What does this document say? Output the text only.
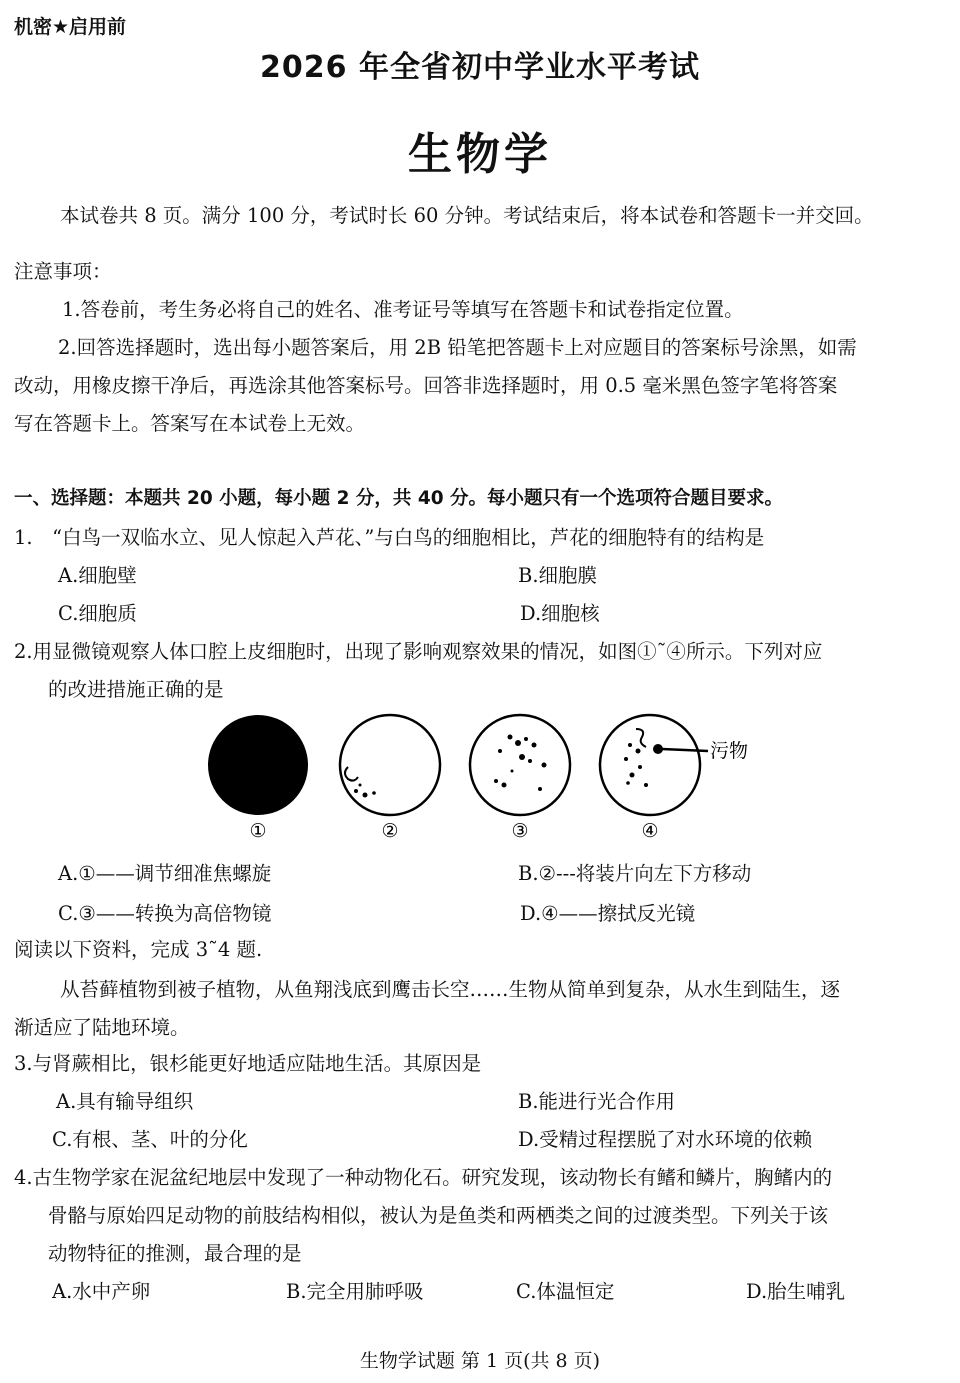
机密★启用前
2026 年全省初中学业水平考试
生物学
本试卷共 8 页。满分 100 分，考试时长 60 分钟。考试结束后，将本试卷和答题卡一并交回。
注意事项：
1.答卷前，考生务必将自己的姓名、准考证号等填写在答题卡和试卷指定位置。
2.回答选择题时，选出每小题答案后，用 2B 铅笔把答题卡上对应题目的答案标号涂黑，如需
改动，用橡皮擦干净后，再选涂其他答案标号。回答非选择题时，用 0.5 毫米黑色签字笔将答案
写在答题卡上。答案写在本试卷上无效。
一、选择题：本题共 20 小题，每小题 2 分，共 40 分。每小题只有一个选项符合题目要求。
1.　“白鸟一双临水立、见人惊起入芦花、”与白鸟的细胞相比，芦花的细胞特有的结构是
A.细胞壁	B.细胞膜
C.细胞质	D.细胞核
2.用显微镜观察人体口腔上皮细胞时，出现了影响观察效果的情况，如图①˜④所示。下列对应
的改进措施正确的是
污物
①	②	③	④
A.①——调节细准焦螺旋	B.②---将装片向左下方移动
C.③——转换为高倍物镜	D.④——擦拭反光镜
阅读以下资料，完成 3˜4 题.
从苔藓植物到被子植物，从鱼翔浅底到鹰击长空……生物从简单到复杂，从水生到陆生，逐
渐适应了陆地环境。
3.与肾蕨相比，银杉能更好地适应陆地生活。其原因是
A.具有输导组织	B.能进行光合作用
C.有根、茎、叶的分化	D.受精过程摆脱了对水环境的依赖
4.古生物学家在泥盆纪地层中发现了一种动物化石。研究发现，该动物长有鳍和鳞片，胸鳍内的
骨骼与原始四足动物的前肢结构相似，被认为是鱼类和两栖类之间的过渡类型。下列关于该
动物特征的推测，最合理的是
A.水中产卵	B.完全用肺呼吸	C.体温恒定	D.胎生哺乳
生物学试题 第 1 页(共 8 页)
